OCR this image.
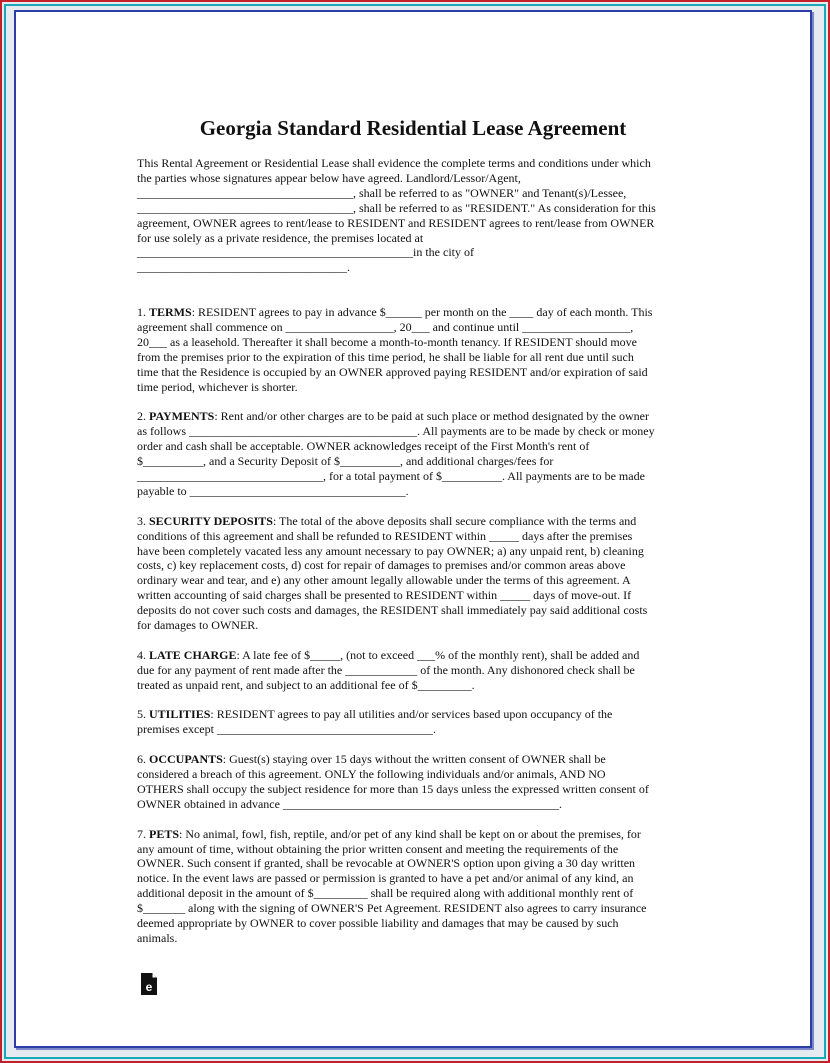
Georgia Standard Residential Lease Agreement

This Rental Agreement or Residential Lease shall evidence the complete terms and conditions under which
the parties whose signatures appear below have agreed. Landlord/Lessor/Agent,
____________________________________, shall be referred to as "OWNER" and Tenant(s)/Lessee,
____________________________________, shall be referred to as "RESIDENT." As consideration for this
agreement, OWNER agrees to rent/lease to RESIDENT and RESIDENT agrees to rent/lease from OWNER
for use solely as a private residence, the premises located at
______________________________________________in the city of
___________________________________.

1. TERMS: RESIDENT agrees to pay in advance $______ per month on the ____ day of each month. This
agreement shall commence on __________________, 20___ and continue until __________________,
20___ as a leasehold. Thereafter it shall become a month-to-month tenancy. If RESIDENT should move
from the premises prior to the expiration of this time period, he shall be liable for all rent due until such
time that the Residence is occupied by an OWNER approved paying RESIDENT and/or expiration of said
time period, whichever is shorter.

2. PAYMENTS: Rent and/or other charges are to be paid at such place or method designated by the owner
as follows ______________________________________. All payments are to be made by check or money
order and cash shall be acceptable. OWNER acknowledges receipt of the First Month's rent of
$__________, and a Security Deposit of $__________, and additional charges/fees for
_______________________________, for a total payment of $__________. All payments are to be made
payable to ____________________________________.

3. SECURITY DEPOSITS: The total of the above deposits shall secure compliance with the terms and
conditions of this agreement and shall be refunded to RESIDENT within _____ days after the premises
have been completely vacated less any amount necessary to pay OWNER; a) any unpaid rent, b) cleaning
costs, c) key replacement costs, d) cost for repair of damages to premises and/or common areas above
ordinary wear and tear, and e) any other amount legally allowable under the terms of this agreement. A
written accounting of said charges shall be presented to RESIDENT within _____ days of move-out. If
deposits do not cover such costs and damages, the RESIDENT shall immediately pay said additional costs
for damages to OWNER.

4. LATE CHARGE: A late fee of $_____, (not to exceed ___% of the monthly rent), shall be added and
due for any payment of rent made after the ____________ of the month. Any dishonored check shall be
treated as unpaid rent, and subject to an additional fee of $_________.

5. UTILITIES: RESIDENT agrees to pay all utilities and/or services based upon occupancy of the
premises except ____________________________________.

6. OCCUPANTS: Guest(s) staying over 15 days without the written consent of OWNER shall be
considered a breach of this agreement. ONLY the following individuals and/or animals, AND NO
OTHERS shall occupy the subject residence for more than 15 days unless the expressed written consent of
OWNER obtained in advance ______________________________________________.

7. PETS: No animal, fowl, fish, reptile, and/or pet of any kind shall be kept on or about the premises, for
any amount of time, without obtaining the prior written consent and meeting the requirements of the
OWNER. Such consent if granted, shall be revocable at OWNER'S option upon giving a 30 day written
notice. In the event laws are passed or permission is granted to have a pet and/or animal of any kind, an
additional deposit in the amount of $_________ shall be required along with additional monthly rent of
$_______ along with the signing of OWNER'S Pet Agreement. RESIDENT also agrees to carry insurance
deemed appropriate by OWNER to cover possible liability and damages that may be caused by such
animals.

e
